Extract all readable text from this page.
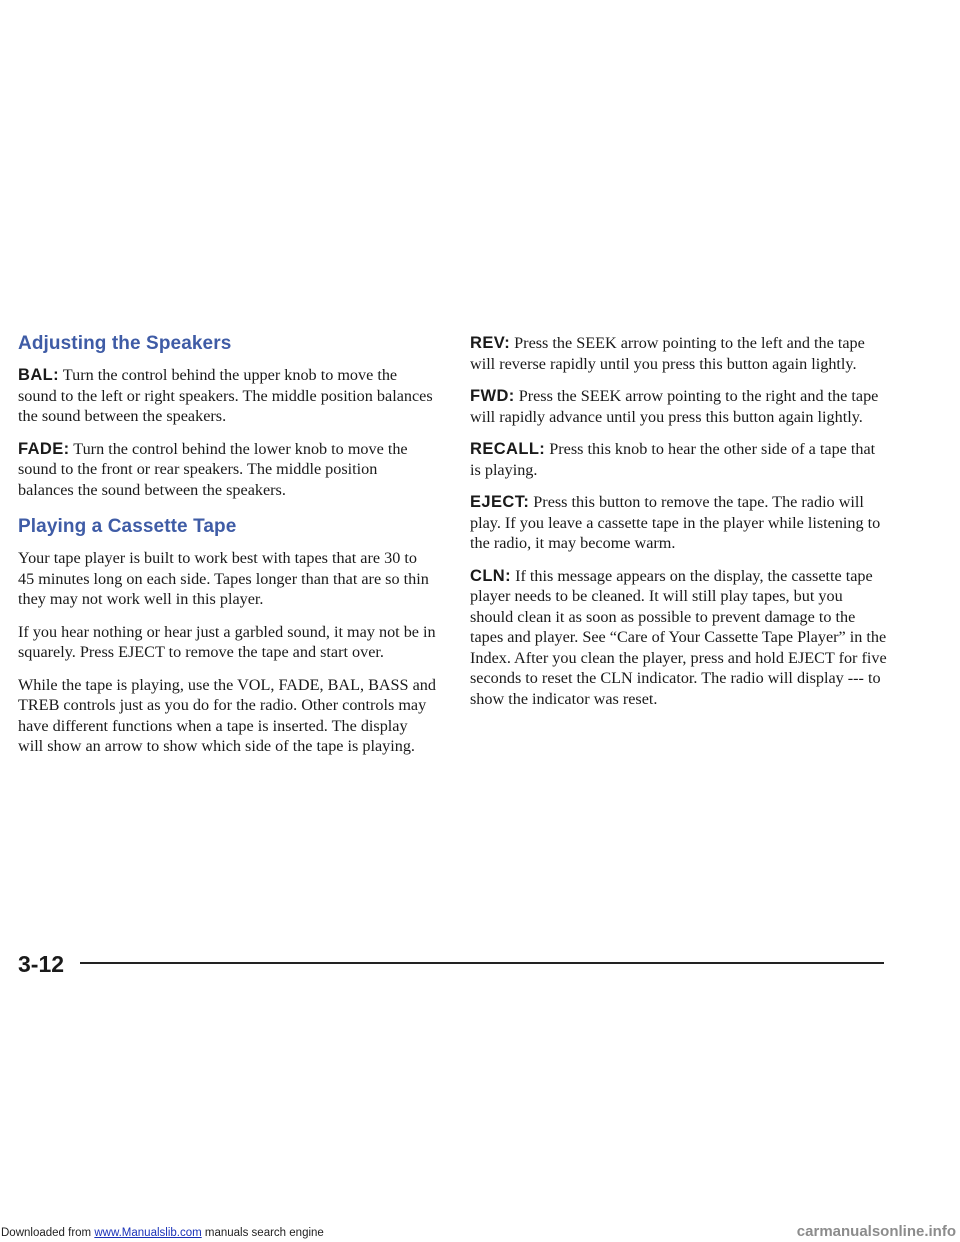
Adjusting the Speakers

BAL: Turn the control behind the upper knob to move the sound to the left or right speakers. The middle position balances the sound between the speakers.

FADE: Turn the control behind the lower knob to move the sound to the front or rear speakers. The middle position balances the sound between the speakers.

Playing a Cassette Tape

Your tape player is built to work best with tapes that are 30 to 45 minutes long on each side. Tapes longer than that are so thin they may not work well in this player.

If you hear nothing or hear just a garbled sound, it may not be in squarely. Press EJECT to remove the tape and start over.

While the tape is playing, use the VOL, FADE, BAL, BASS and TREB controls just as you do for the radio. Other controls may have different functions when a tape is inserted. The display will show an arrow to show which side of the tape is playing.

REV: Press the SEEK arrow pointing to the left and the tape will reverse rapidly until you press this button again lightly.

FWD: Press the SEEK arrow pointing to the right and the tape will rapidly advance until you press this button again lightly.

RECALL: Press this knob to hear the other side of a tape that is playing.

EJECT: Press this button to remove the tape. The radio will play. If you leave a cassette tape in the player while listening to the radio, it may become warm.

CLN: If this message appears on the display, the cassette tape player needs to be cleaned. It will still play tapes, but you should clean it as soon as possible to prevent damage to the tapes and player. See “Care of Your Cassette Tape Player” in the Index. After you clean the player, press and hold EJECT for five seconds to reset the CLN indicator. The radio will display --- to show the indicator was reset.

3-12
Downloaded from www.Manualslib.com manuals search engine	carmanualsonline.info
